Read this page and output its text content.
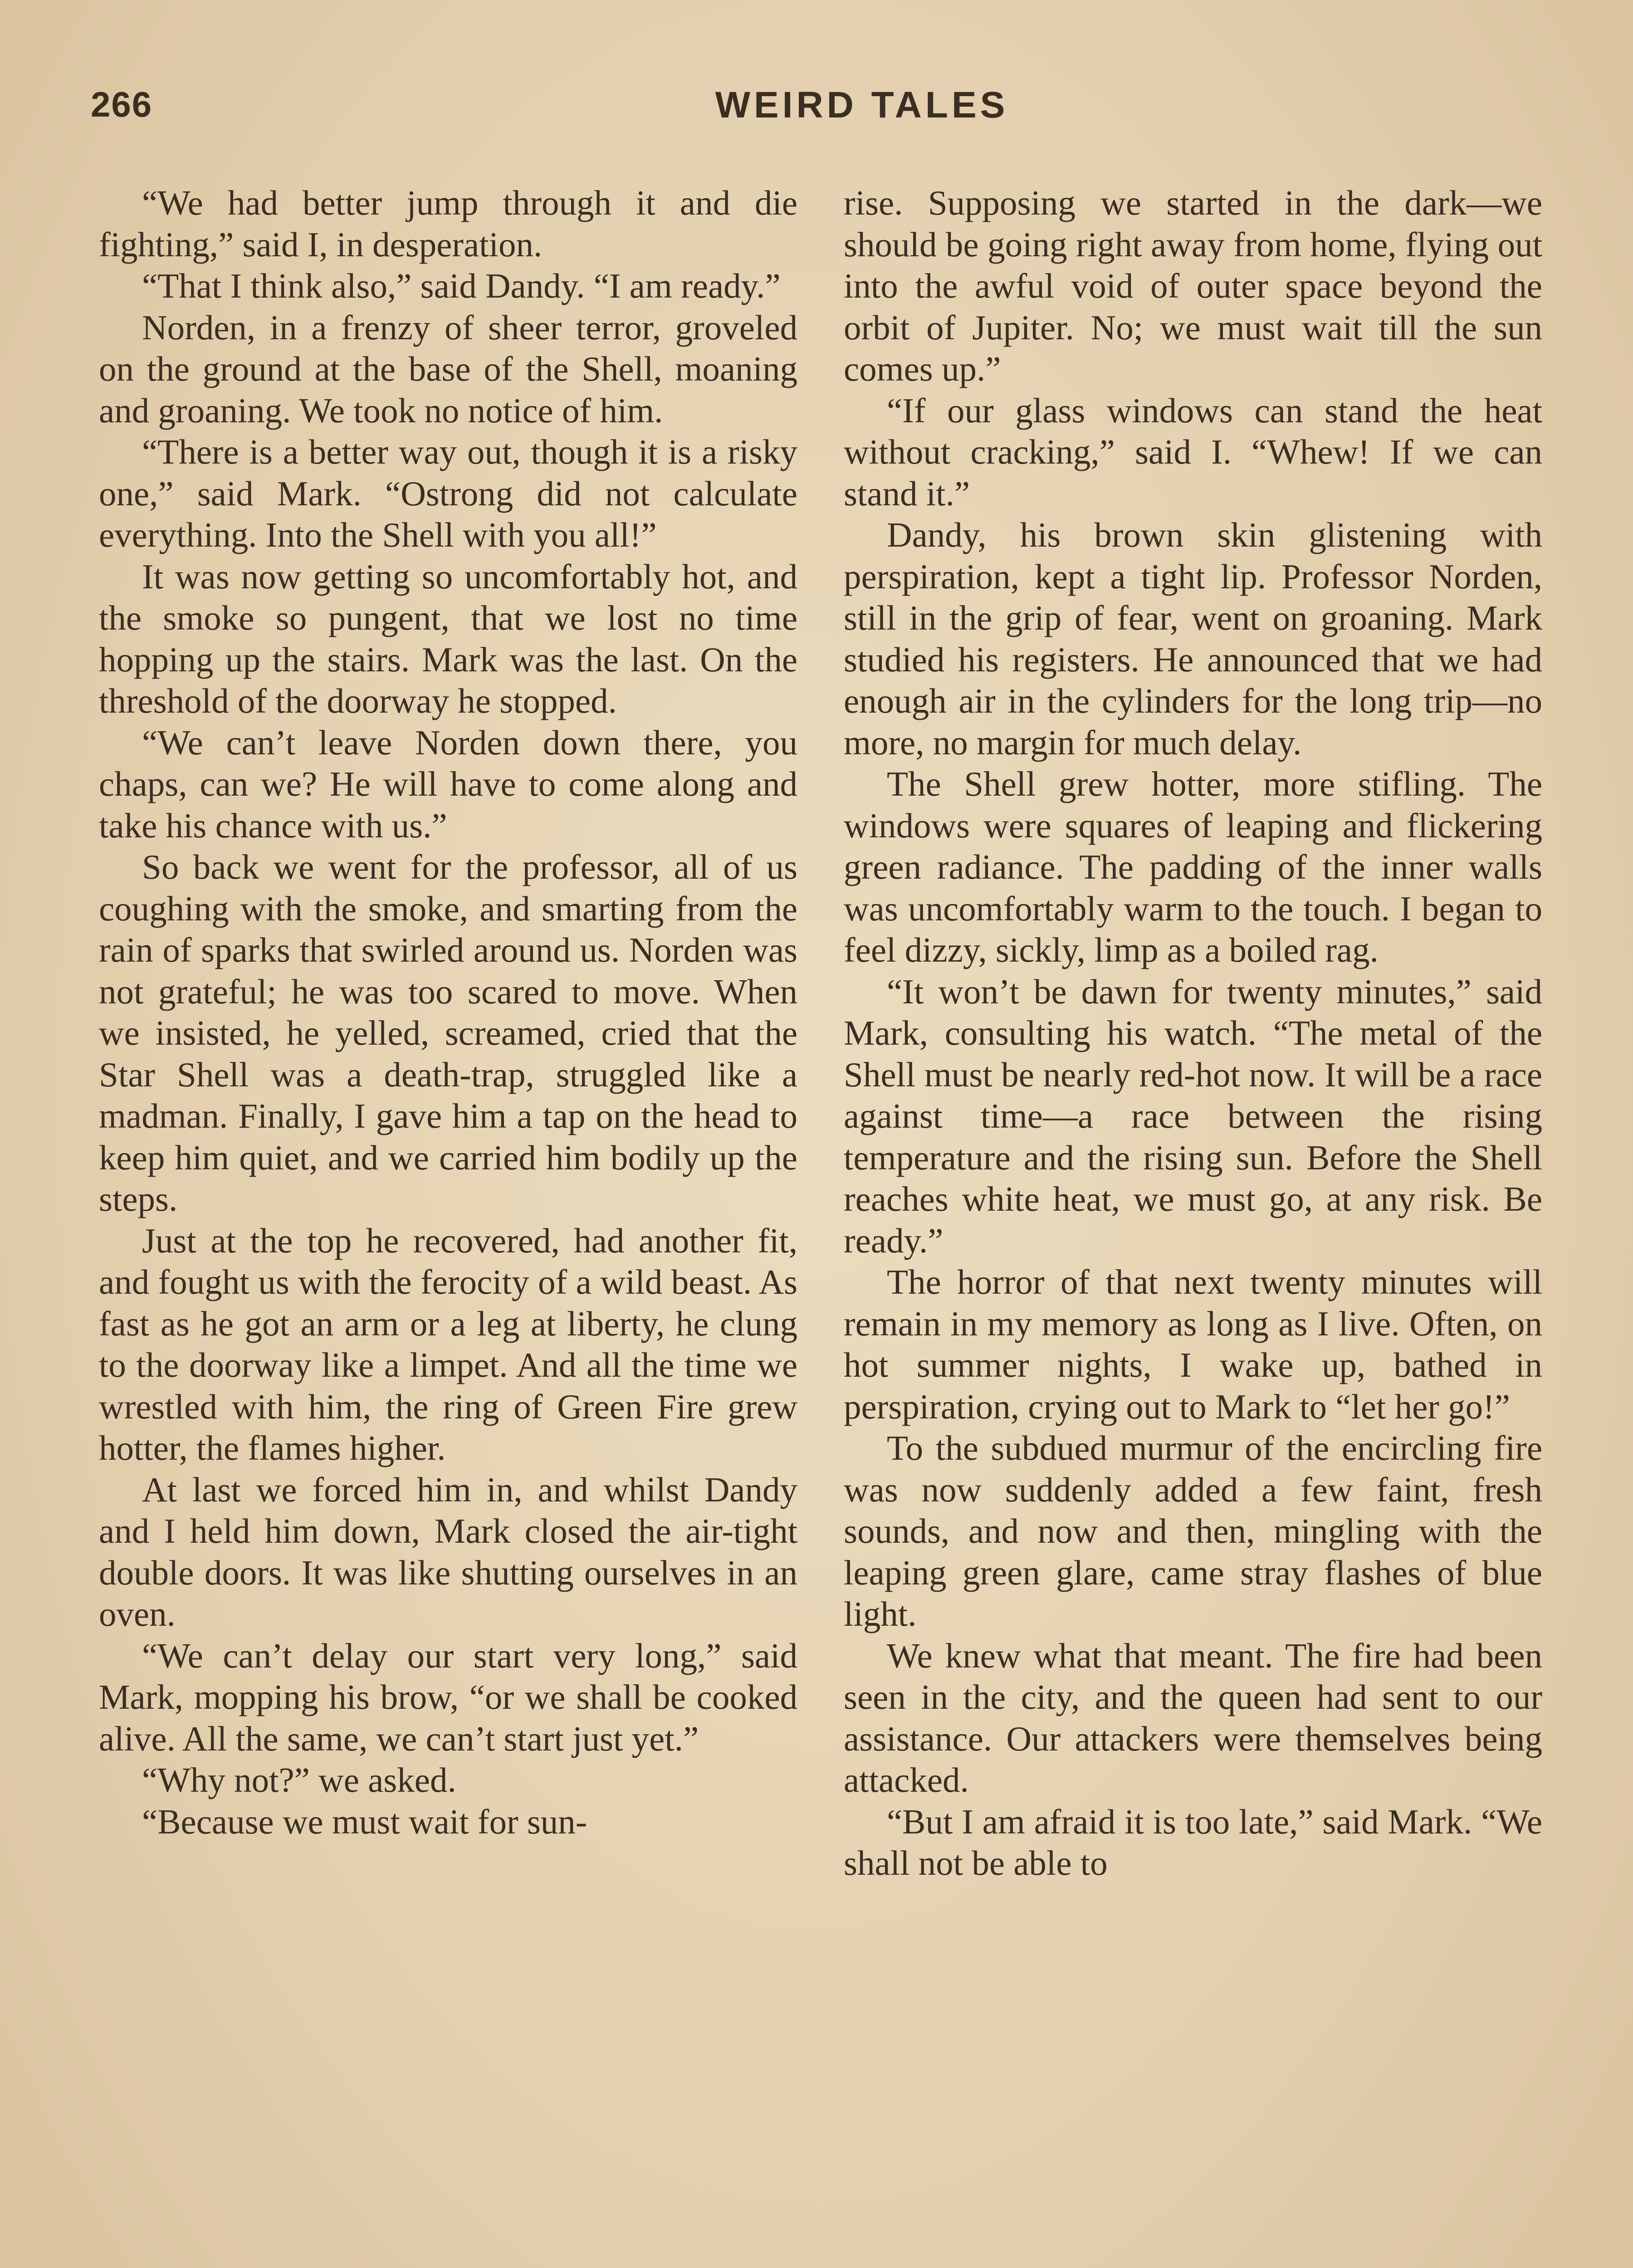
266	WEIRD TALES

“We had better jump through it and die fighting,” said I, in desperation.

“That I think also,” said Dandy. “I am ready.”

Norden, in a frenzy of sheer terror, groveled on the ground at the base of the Shell, moaning and groaning. We took no notice of him.

“There is a better way out, though it is a risky one,” said Mark. “Ostrong did not calculate everything. Into the Shell with you all!”

It was now getting so uncomfortably hot, and the smoke so pungent, that we lost no time hopping up the stairs. Mark was the last. On the threshold of the doorway he stopped.

“We can’t leave Norden down there, you chaps, can we? He will have to come along and take his chance with us.”

So back we went for the professor, all of us coughing with the smoke, and smarting from the rain of sparks that swirled around us. Norden was not grateful; he was too scared to move. When we insisted, he yelled, screamed, cried that the Star Shell was a death-trap, struggled like a madman. Finally, I gave him a tap on the head to keep him quiet, and we carried him bodily up the steps.

Just at the top he recovered, had another fit, and fought us with the ferocity of a wild beast. As fast as he got an arm or a leg at liberty, he clung to the doorway like a limpet. And all the time we wrestled with him, the ring of Green Fire grew hotter, the flames higher.

At last we forced him in, and whilst Dandy and I held him down, Mark closed the air-tight double doors. It was like shutting ourselves in an oven.

“We can’t delay our start very long,” said Mark, mopping his brow, “or we shall be cooked alive. All the same, we can’t start just yet.”

“Why not?” we asked.

“Because we must wait for sun-

rise. Supposing we started in the dark—we should be going right away from home, flying out into the awful void of outer space beyond the orbit of Jupiter. No; we must wait till the sun comes up.”

“If our glass windows can stand the heat without cracking,” said I. “Whew! If we can stand it.”

Dandy, his brown skin glistening with perspiration, kept a tight lip. Professor Norden, still in the grip of fear, went on groaning. Mark studied his registers. He announced that we had enough air in the cylinders for the long trip—no more, no margin for much delay.

The Shell grew hotter, more stifling. The windows were squares of leaping and flickering green radiance. The padding of the inner walls was uncomfortably warm to the touch. I began to feel dizzy, sickly, limp as a boiled rag.

“It won’t be dawn for twenty minutes,” said Mark, consulting his watch. “The metal of the Shell must be nearly red-hot now. It will be a race against time—a race between the rising temperature and the rising sun. Before the Shell reaches white heat, we must go, at any risk. Be ready.”

The horror of that next twenty minutes will remain in my memory as long as I live. Often, on hot summer nights, I wake up, bathed in perspiration, crying out to Mark to “let her go!”

To the subdued murmur of the encircling fire was now suddenly added a few faint, fresh sounds, and now and then, mingling with the leaping green glare, came stray flashes of blue light.

We knew what that meant. The fire had been seen in the city, and the queen had sent to our assistance. Our attackers were themselves being attacked.

“But I am afraid it is too late,” said Mark. “We shall not be able to
